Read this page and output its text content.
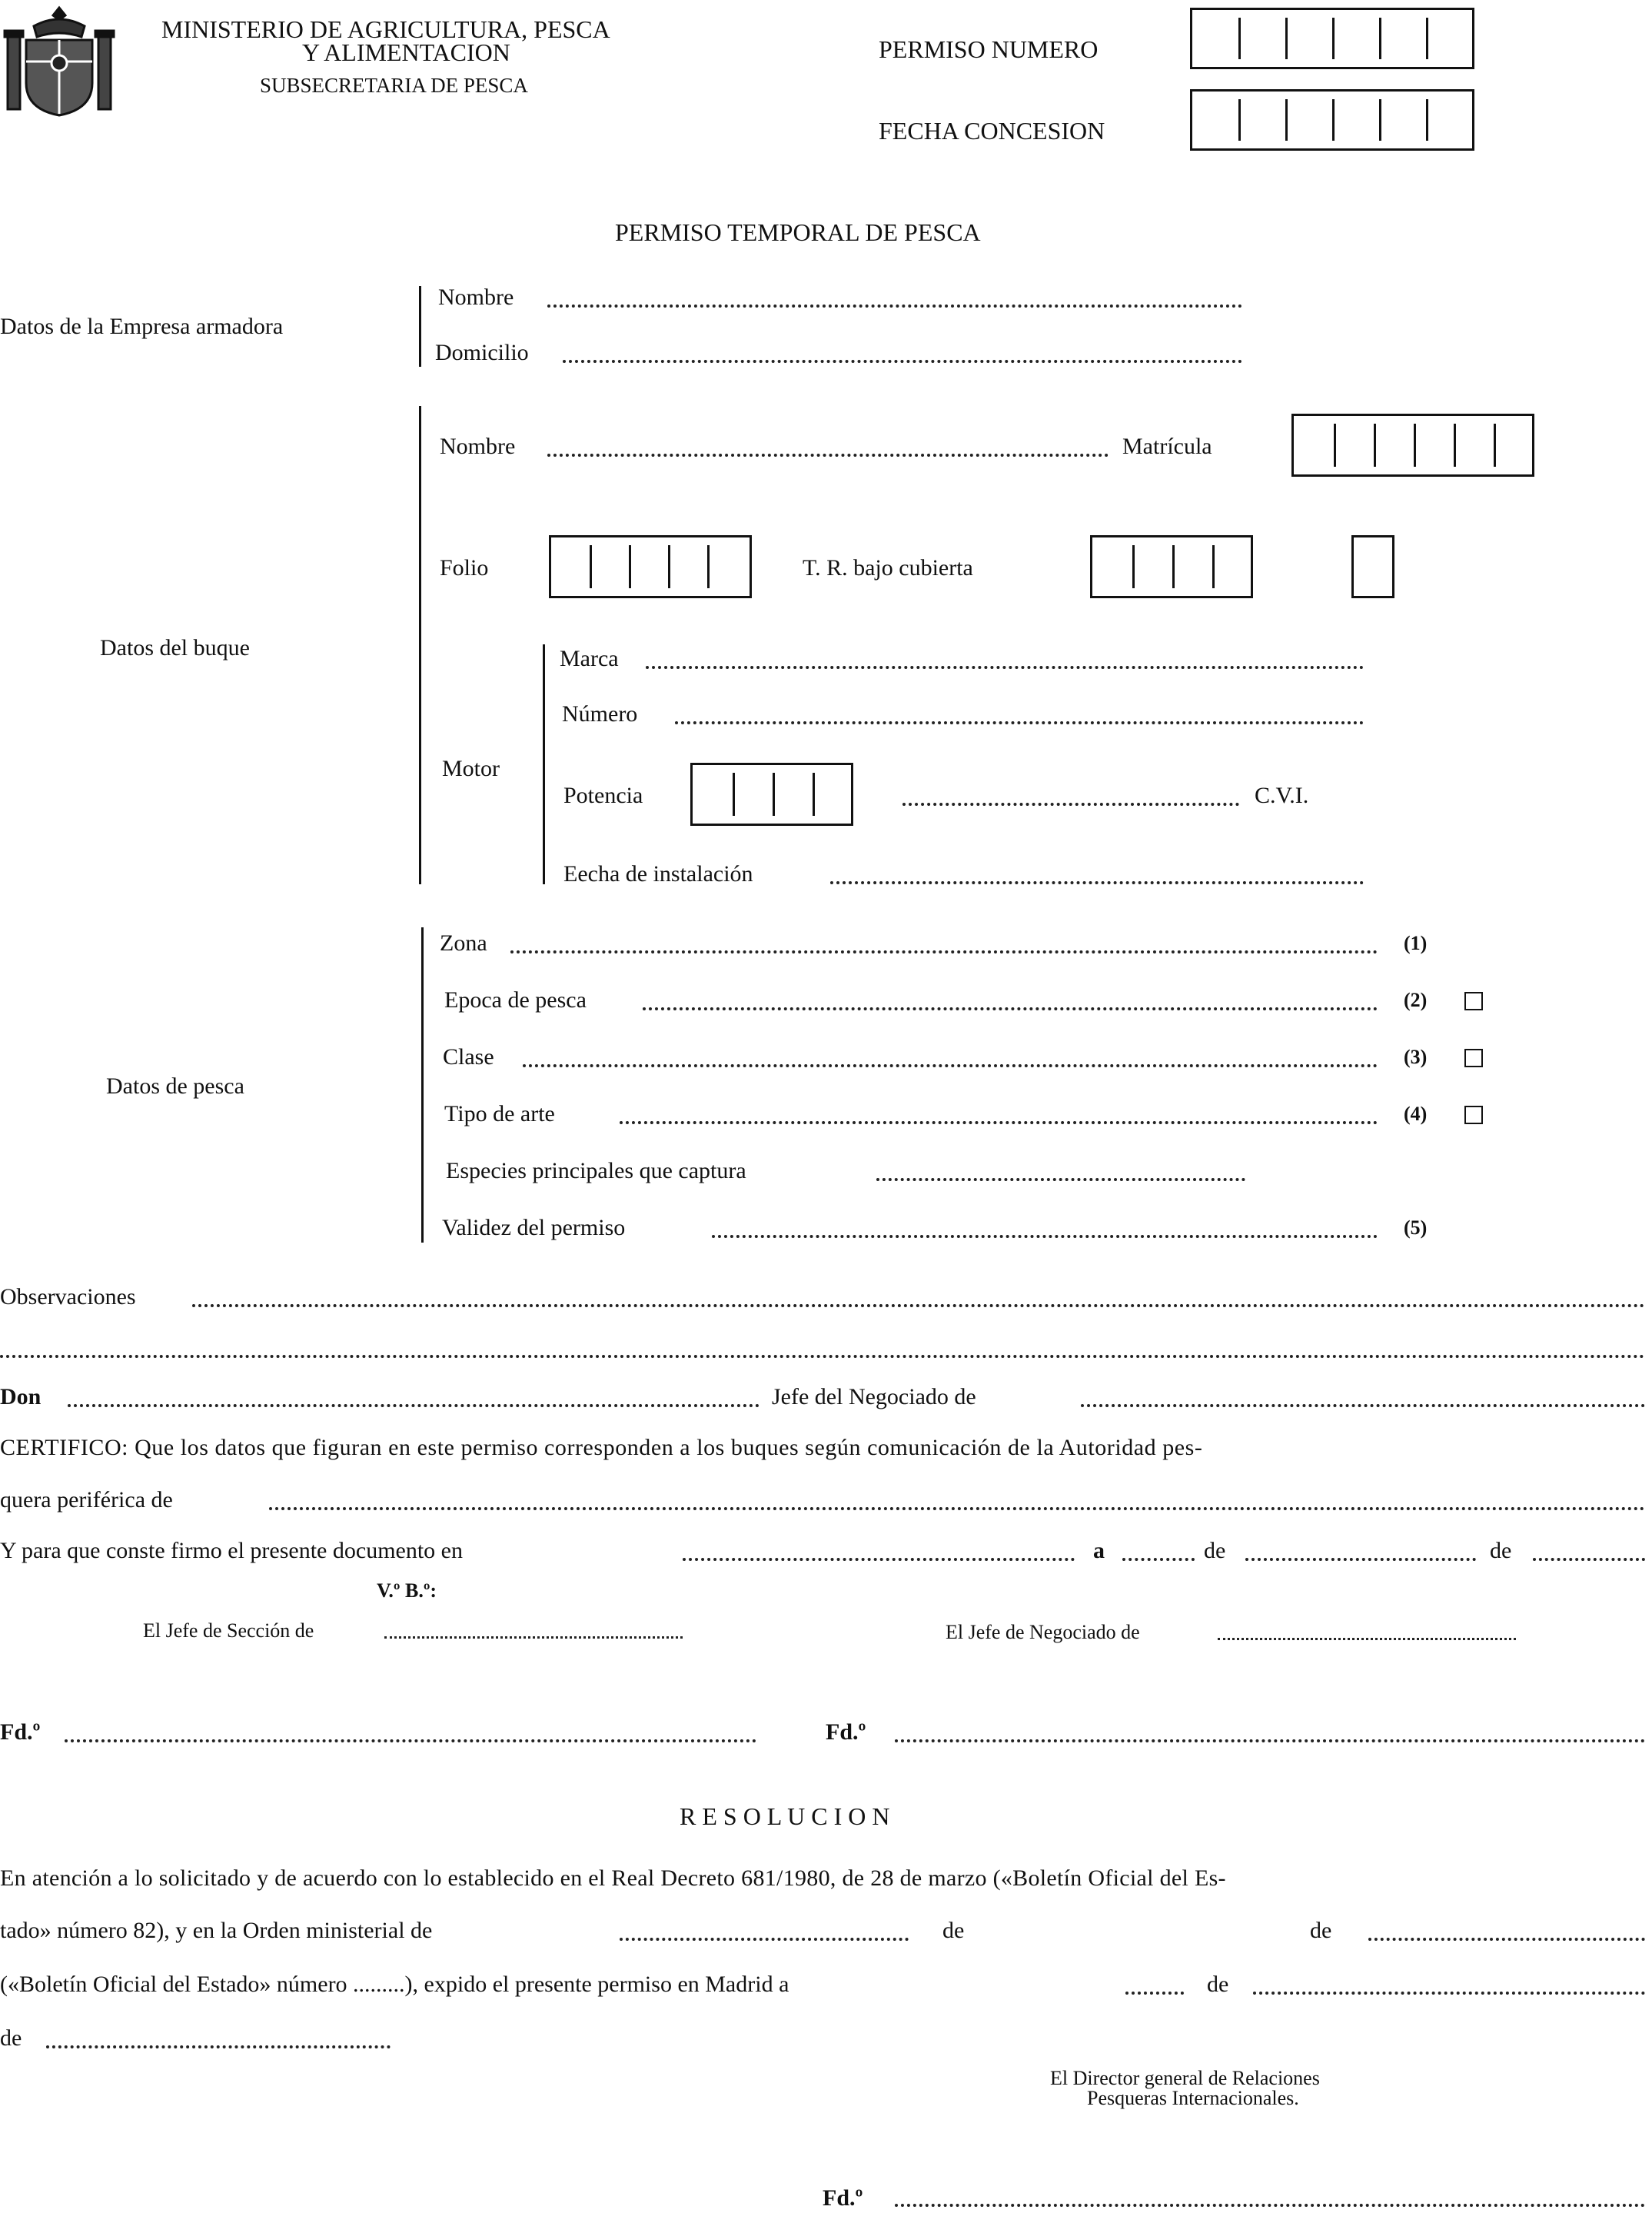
MINISTERIO DE AGRICULTURA, PESCA
Y ALIMENTACION
SUBSECRETARIA DE PESCA
PERMISO NUMERO
FECHA CONCESION
PERMISO TEMPORAL DE PESCA
Datos de la Empresa armadora
Nombre
Domicilio
Datos del buque
Nombre	Matrícula
Folio	T. R. bajo cubierta
Motor
Marca
Número
Potencia	C.V.I.
Eecha de instalación
Datos de pesca
Zona	(1)
Epoca de pesca	(2)
Clase	(3)
Tipo de arte	(4)
Especies principales que captura
Validez del permiso	(5)
Observaciones
Don	Jefe del Negociado de
CERTIFICO: Que los datos que figuran en este permiso corresponden a los buques según comunicación de la Autoridad pes-
quera periférica de
Y para que conste firmo el presente documento en	a	de	de
V.º B.º:
El Jefe de Sección de	El Jefe de Negociado de
Fd.º	Fd.º
R E S O L U C I O N
En atención a lo solicitado y de acuerdo con lo establecido en el Real Decreto 681/1980, de 28 de marzo («Boletín Oficial del Es-
tado» número 82), y en la Orden ministerial de	de	de
(«Boletín Oficial del Estado» número .........), expido el presente permiso en Madrid a	de
de
El Director general de Relaciones
Pesqueras Internacionales.
Fd.º
